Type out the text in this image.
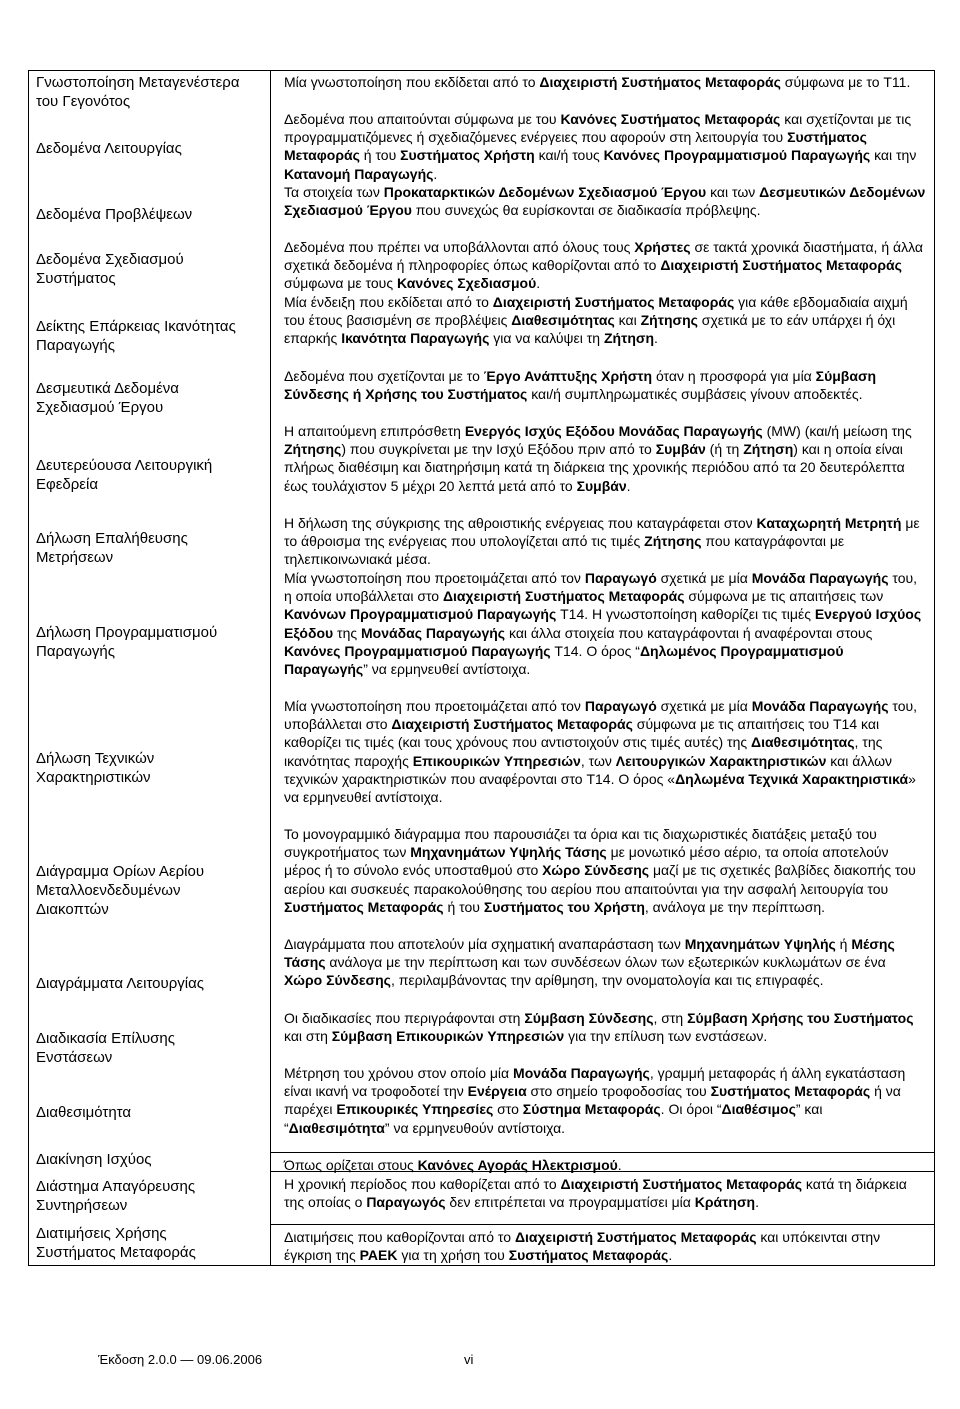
Γνωστοποίηση Μεταγενέστερα του Γεγονότος
Δεδομένα Λειτουργίας
Δεδομένα Προβλέψεων
Δεδομένα Σχεδιασμού Συστήματος
Δείκτης Επάρκειας Ικανότητας Παραγωγής
Δεσμευτικά Δεδομένα Σχεδιασμού Έργου
Δευτερεύουσα Λειτουργική Εφεδρεία
Δήλωση Επαλήθευσης Μετρήσεων
Δήλωση Προγραμματισμού Παραγωγής
Δήλωση Τεχνικών Χαρακτηριστικών
Διάγραμμα Ορίων Αερίου Μεταλλοενδεδυμένων Διακοπτών
Διαγράμματα Λειτουργίας
Διαδικασία Επίλυσης Ενστάσεων
Διαθεσιμότητα
Διακίνηση Ισχύος
Διάστημα Απαγόρευσης Συντηρήσεων
Διατιμήσεις Χρήσης Συστήματος Μεταφοράς
Μία γνωστοποίηση που εκδίδεται από το Διαχειριστή Συστήματος Μεταφοράς σύμφωνα με το T11.
Δεδομένα που απαιτούνται σύμφωνα με του Κανόνες Συστήματος Μεταφοράς και σχετίζονται με τις προγραμματιζόμενες ή σχεδιαζόμενες ενέργειες που αφορούν στη λειτουργία του Συστήματος Μεταφοράς ή του Συστήματος Χρήστη και/ή τους Κανόνες Προγραμματισμού Παραγωγής και την Κατανομή Παραγωγής.
Τα στοιχεία των Προκαταρκτικών Δεδομένων Σχεδιασμού Έργου και των Δεσμευτικών Δεδομένων Σχεδιασμού Έργου που συνεχώς θα ευρίσκονται σε διαδικασία πρόβλεψης.
Δεδομένα που πρέπει να υποβάλλονται από όλους τους Χρήστες σε τακτά χρονικά διαστήματα, ή άλλα σχετικά δεδομένα ή πληροφορίες όπως καθορίζονται από το Διαχειριστή Συστήματος Μεταφοράς σύμφωνα με τους Κανόνες Σχεδιασμού.
Μία ένδειξη που εκδίδεται από το Διαχειριστή Συστήματος Μεταφοράς για κάθε εβδομαδιαία αιχμή του έτους βασισμένη σε προβλέψεις Διαθεσιμότητας και Ζήτησης σχετικά με το εάν υπάρχει ή όχι επαρκής Ικανότητα Παραγωγής για να καλύψει τη Ζήτηση.
Δεδομένα που σχετίζονται με το Έργο Ανάπτυξης Χρήστη όταν η προσφορά για μία Σύμβαση Σύνδεσης ή Χρήσης του Συστήματος και/ή συμπληρωματικές συμβάσεις γίνουν αποδεκτές.
Η απαιτούμενη επιπρόσθετη Ενεργός Ισχύς Εξόδου Μονάδας Παραγωγής (MW) (και/ή μείωση της Ζήτησης) που συγκρίνεται με την Ισχύ Εξόδου πριν από το Συμβάν (ή τη Ζήτηση) και η οποία είναι πλήρως διαθέσιμη και διατηρήσιμη κατά τη διάρκεια της χρονικής περιόδου από τα 20 δευτερόλεπτα έως τουλάχιστον 5 μέχρι 20 λεπτά μετά από το Συμβάν.
Η δήλωση της σύγκρισης της αθροιστικής ενέργειας που καταγράφεται στον Καταχωρητή Μετρητή με το άθροισμα της ενέργειας που υπολογίζεται από τις τιμές Ζήτησης που καταγράφονται με τηλεπικοινωνιακά μέσα.
Μία γνωστοποίηση που προετοιμάζεται από τον Παραγωγό σχετικά με μία Μονάδα Παραγωγής του, η οποία υποβάλλεται στο Διαχειριστή Συστήματος Μεταφοράς σύμφωνα με τις απαιτήσεις των Κανόνων Προγραμματισμού Παραγωγής T14. Η γνωστοποίηση καθορίζει τις τιμές Ενεργού Ισχύος Εξόδου της Μονάδας Παραγωγής και άλλα στοιχεία που καταγράφονται ή αναφέρονται στους Κανόνες Προγραμματισμού Παραγωγής T14. Ο όρος “Δηλωμένος Προγραμματισμού Παραγωγής” να ερμηνευθεί αντίστοιχα.
Μία γνωστοποίηση που προετοιμάζεται από τον Παραγωγό σχετικά με μία Μονάδα Παραγωγής του, υποβάλλεται στο Διαχειριστή Συστήματος Μεταφοράς σύμφωνα με τις απαιτήσεις του T14 και καθορίζει τις τιμές (και τους χρόνους που αντιστοιχούν στις τιμές αυτές) της Διαθεσιμότητας, της ικανότητας παροχής Επικουρικών Υπηρεσιών, των Λειτουργικών Χαρακτηριστικών και άλλων τεχνικών χαρακτηριστικών που αναφέρονται στο T14. Ο όρος «Δηλωμένα Τεχνικά Χαρακτηριστικά» να ερμηνευθεί αντίστοιχα.
Το μονογραμμικό διάγραμμα που παρουσιάζει τα όρια και τις διαχωριστικές διατάξεις μεταξύ του συγκροτήματος των Μηχανημάτων Υψηλής Τάσης με μονωτικό μέσο αέριο, τα οποία αποτελούν μέρος ή το σύνολο ενός υποσταθμού στο Χώρο Σύνδεσης μαζί με τις σχετικές βαλβίδες διακοπής του αερίου και συσκευές παρακολούθησης του αερίου που απαιτούνται για την ασφαλή λειτουργία του Συστήματος Μεταφοράς ή του Συστήματος του Χρήστη, ανάλογα με την περίπτωση.
Διαγράμματα που αποτελούν μία σχηματική αναπαράσταση των Μηχανημάτων Υψηλής ή Μέσης Τάσης ανάλογα με την περίπτωση και των συνδέσεων όλων των εξωτερικών κυκλωμάτων σε ένα Χώρο Σύνδεσης, περιλαμβάνοντας την αρίθμηση, την ονοματολογία και τις επιγραφές.
Οι διαδικασίες που περιγράφονται στη Σύμβαση Σύνδεσης, στη Σύμβαση Χρήσης του Συστήματος και στη Σύμβαση Επικουρικών Υπηρεσιών για την επίλυση των ενστάσεων.
Μέτρηση του χρόνου στον οποίο μία Μονάδα Παραγωγής, γραμμή μεταφοράς ή άλλη εγκατάσταση είναι ικανή να τροφοδοτεί την Ενέργεια στο σημείο τροφοδοσίας του Συστήματος Μεταφοράς ή να παρέχει Επικουρικές Υπηρεσίες στο Σύστημα Μεταφοράς. Οι όροι “Διαθέσιμος” και “Διαθεσιμότητα” να ερμηνευθούν αντίστοιχα.
Όπως ορίζεται στους Κανόνες Αγοράς Ηλεκτρισμού.
Η χρονική περίοδος που καθορίζεται από το Διαχειριστή Συστήματος Μεταφοράς κατά τη διάρκεια της οποίας ο Παραγωγός δεν επιτρέπεται να προγραμματίσει μία Κράτηση.
Διατιμήσεις που καθορίζονται από το Διαχειριστή Συστήματος Μεταφοράς και υπόκεινται στην έγκριση της ΡΑΕΚ για τη χρήση του Συστήματος Μεταφοράς.
Έκδοση 2.0.0 — 09.06.2006	vi
